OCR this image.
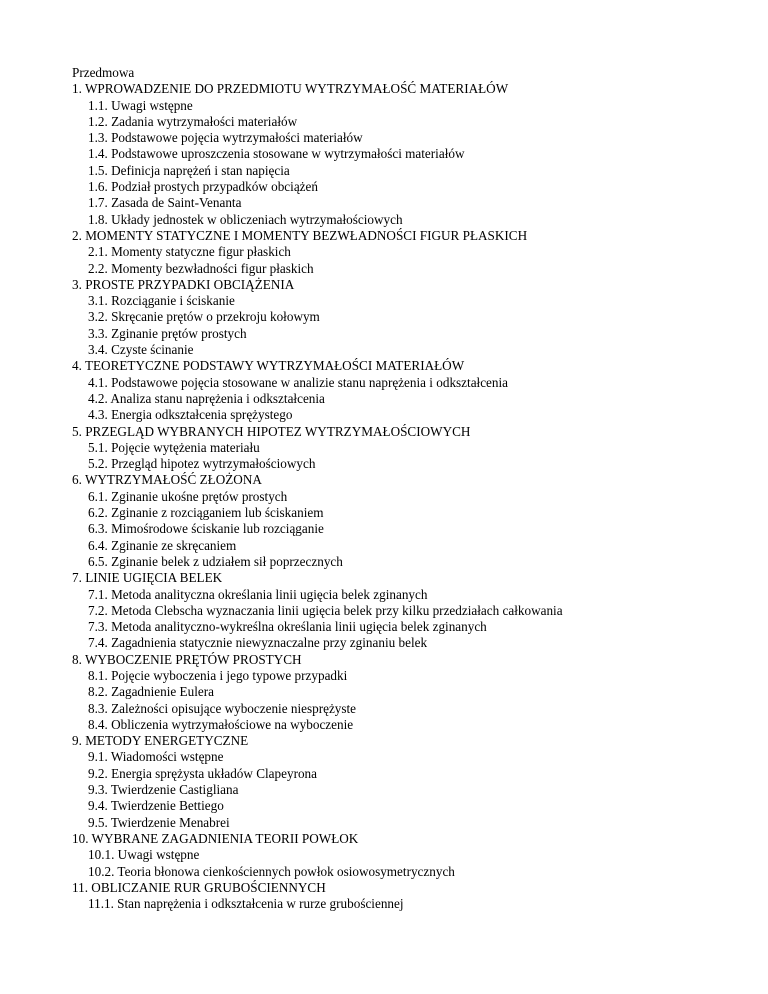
Przedmowa
1. WPROWADZENIE DO PRZEDMIOTU WYTRZYMAŁOŚĆ MATERIAŁÓW
1.1. Uwagi wstępne
1.2. Zadania wytrzymałości materiałów
1.3. Podstawowe pojęcia wytrzymałości materiałów
1.4. Podstawowe uproszczenia stosowane w wytrzymałości materiałów
1.5. Definicja naprężeń i stan napięcia
1.6. Podział prostych przypadków obciążeń
1.7. Zasada de Saint-Venanta
1.8. Układy jednostek w obliczeniach wytrzymałościowych
2. MOMENTY STATYCZNE I MOMENTY BEZWŁADNOŚCI FIGUR PŁASKICH
2.1. Momenty statyczne figur płaskich
2.2. Momenty bezwładności figur płaskich
3. PROSTE PRZYPADKI OBCIĄŻENIA
3.1. Rozciąganie i ściskanie
3.2. Skręcanie prętów o przekroju kołowym
3.3. Zginanie prętów prostych
3.4. Czyste ścinanie
4. TEORETYCZNE PODSTAWY WYTRZYMAŁOŚCI MATERIAŁÓW
4.1. Podstawowe pojęcia stosowane w analizie stanu naprężenia i odkształcenia
4.2. Analiza stanu naprężenia i odkształcenia
4.3. Energia odkształcenia sprężystego
5. PRZEGLĄD WYBRANYCH HIPOTEZ WYTRZYMAŁOŚCIOWYCH
5.1. Pojęcie wytężenia materiału
5.2. Przegląd hipotez wytrzymałościowych
6. WYTRZYMAŁOŚĆ ZŁOŻONA
6.1. Zginanie ukośne prętów prostych
6.2. Zginanie z rozciąganiem lub ściskaniem
6.3. Mimośrodowe ściskanie lub rozciąganie
6.4. Zginanie ze skręcaniem
6.5. Zginanie belek z udziałem sił poprzecznych
7. LINIE UGIĘCIA BELEK
7.1. Metoda analityczna określania linii ugięcia belek zginanych
7.2. Metoda Clebscha wyznaczania linii ugięcia belek przy kilku przedziałach całkowania
7.3. Metoda analityczno-wykreślna określania linii ugięcia belek zginanych
7.4. Zagadnienia statycznie niewyznaczalne przy zginaniu belek
8. WYBOCZENIE PRĘTÓW PROSTYCH
8.1. Pojęcie wyboczenia i jego typowe przypadki
8.2. Zagadnienie Eulera
8.3. Zależności opisujące wyboczenie niesprężyste
8.4. Obliczenia wytrzymałościowe na wyboczenie
9. METODY ENERGETYCZNE
9.1. Wiadomości wstępne
9.2. Energia sprężysta układów Clapeyrona
9.3. Twierdzenie Castigliana
9.4. Twierdzenie Bettiego
9.5. Twierdzenie Menabrei
10. WYBRANE ZAGADNIENIA TEORII POWŁOK
10.1. Uwagi wstępne
10.2. Teoria błonowa cienkościennych powłok osiowosymetrycznych
11. OBLICZANIE RUR GRUBOŚCIENNYCH
11.1. Stan naprężenia i odkształcenia w rurze grubościennej
